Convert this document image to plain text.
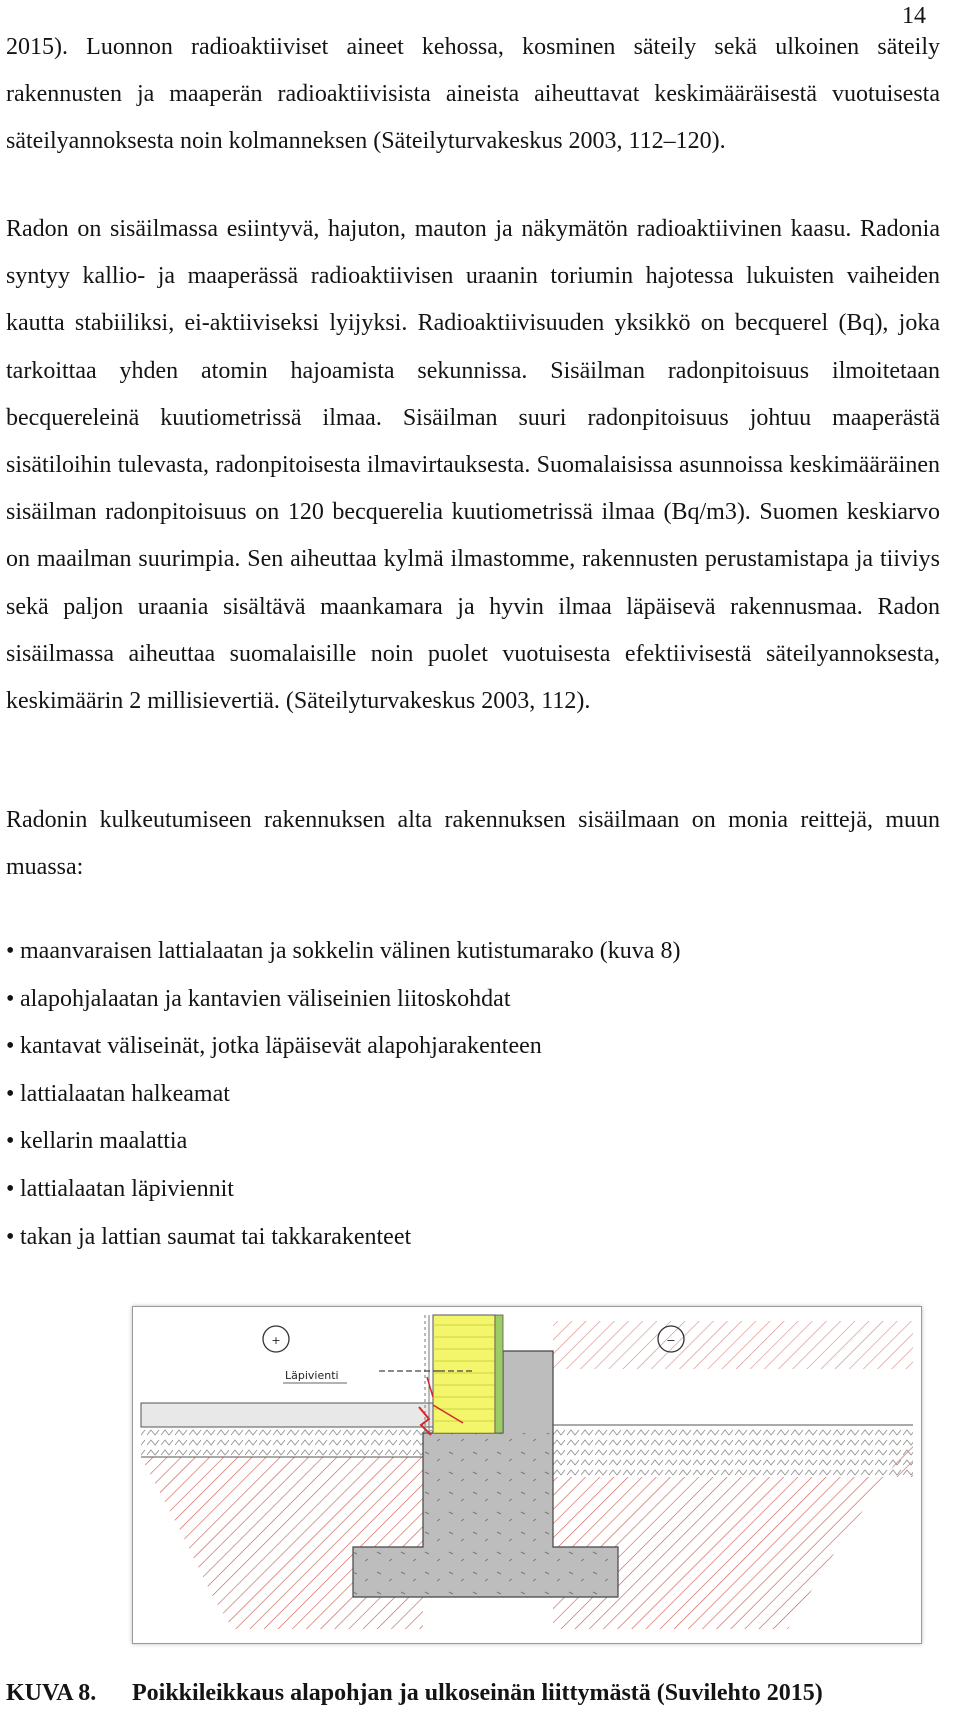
14

2015). Luonnon radioaktiiviset aineet kehossa, kosminen säteily sekä ulkoinen säteily rakennusten ja maaperän radioaktiivisista aineista aiheuttavat keskimääräisestä vuotuisesta säteilyannoksesta noin kolmanneksen (Säteilyturvakeskus 2003, 112–120).

Radon on sisäilmassa esiintyvä, hajuton, mauton ja näkymätön radioaktiivinen kaasu. Radonia syntyy kallio- ja maaperässä radioaktiivisen uraanin toriumin hajotessa lukuisten vaiheiden kautta stabiiliksi, ei-aktiiviseksi lyijyksi. Radioaktiivisuuden yksikkö on becquerel (Bq), joka tarkoittaa yhden atomin hajoamista sekunnissa. Sisäilman radonpitoisuus ilmoitetaan becquereleinä kuutiometrissä ilmaa. Sisäilman suuri radonpitoisuus johtuu maaperästä sisätiloihin tulevasta, radonpitoisesta ilmavirtauksesta. Suomalaisissa asunnoissa keskimääräinen sisäilman radonpitoisuus on 120 becquerelia kuutiometrissä ilmaa (Bq/m3). Suomen keskiarvo on maailman suurimpia. Sen aiheuttaa kylmä ilmastomme, rakennusten perustamistapa ja tiiviys sekä paljon uraania sisältävä maankamara ja hyvin ilmaa läpäisevä rakennusmaa. Radon sisäilmassa aiheuttaa suomalaisille noin puolet vuotuisesta efektiivisestä säteilyannoksesta, keskimäärin 2 millisievertiä. (Säteilyturvakeskus 2003, 112).

Radonin kulkeutumiseen rakennuksen alta rakennuksen sisäilmaan on monia reittejä, muun muassa:

• maanvaraisen lattialaatan ja sokkelin välinen kutistumarako (kuva 8)
• alapohjalaatan ja kantavien väliseinien liitoskohdat
• kantavat väliseinät, jotka läpäisevät alapohjarakenteen
• lattialaatan halkeamat
• kellarin maalattia
• lattialaatan läpiviennit
• takan ja lattian saumat tai takkarakenteet
+	−
Läpivienti

KUVA 8. Poikkileikkaus alapohjan ja ulkoseinän liittymästä (Suvilehto 2015)
